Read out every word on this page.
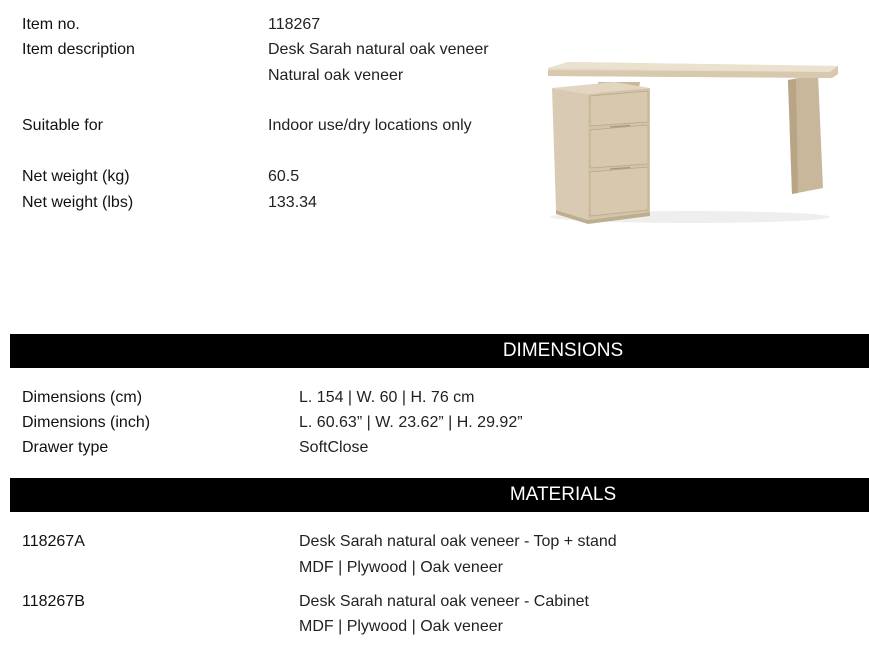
Item no.	118267
Item description	Desk Sarah natural oak veneer
Natural oak veneer
Suitable for	Indoor use/dry locations only
Net weight (kg)	60.5
Net weight (lbs)	133.34
DIMENSIONS
Dimensions (cm)	L. 154 | W. 60 | H. 76 cm
Dimensions (inch)	L. 60.63” | W. 23.62” | H. 29.92”
Drawer type	SoftClose
MATERIALS
118267A	Desk Sarah natural oak veneer - Top + stand
MDF | Plywood | Oak veneer
118267B	Desk Sarah natural oak veneer - Cabinet
MDF | Plywood | Oak veneer
